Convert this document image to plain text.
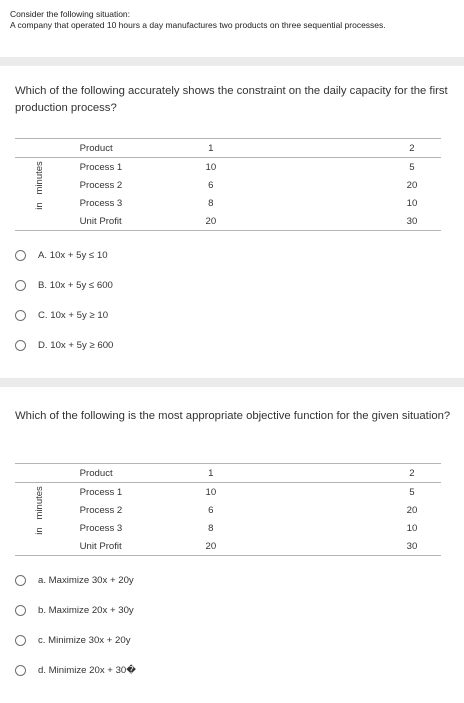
Consider the following situation:
A company that operated 10 hours a day manufactures two products on three sequential processes.
Which of the following accurately shows the constraint on the daily capacity for the first production process?
	Product	1		2
in   minutes	Process 1	10		5
	Process 2	6		20
	Process 3	8		10
	Unit Profit	20		30
A. 10x + 5y ≤ 10
B. 10x + 5y ≤ 600
C. 10x + 5y ≥ 10
D. 10x + 5y ≥ 600
Which of the following is the most appropriate objective function for the given situation?
	Product	1		2
in   minutes	Process 1	10		5
	Process 2	6		20
	Process 3	8		10
	Unit Profit	20		30
a. Maximize 30x + 20y
b. Maximize 20x + 30y
c. Minimize 30x + 20y
d. Minimize 20x + 30�
